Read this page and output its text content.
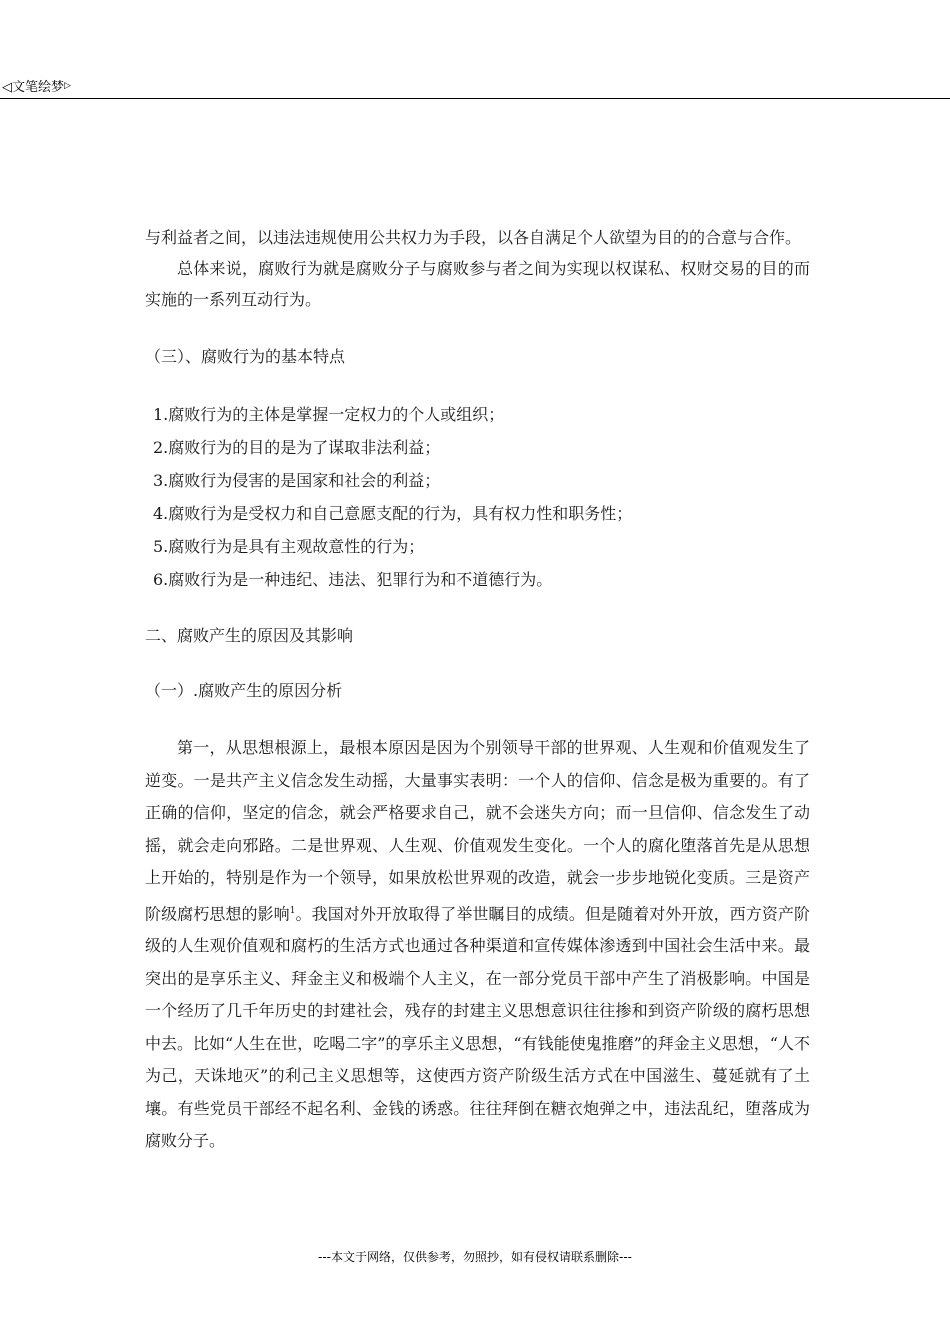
◁文笔绘梦▷

与利益者之间，以违法违规使用公共权力为手段，以各自满足个人欲望为目的的合意与合作。

总体来说，腐败行为就是腐败分子与腐败参与者之间为实现以权谋私、权财交易的目的而实施的一系列互动行为。

（三）、腐败行为的基本特点

1.腐败行为的主体是掌握一定权力的个人或组织；
2.腐败行为的目的是为了谋取非法利益；
3.腐败行为侵害的是国家和社会的利益；
4.腐败行为是受权力和自己意愿支配的行为，具有权力性和职务性；
5.腐败行为是具有主观故意性的行为；
6.腐败行为是一种违纪、违法、犯罪行为和不道德行为。

二、腐败产生的原因及其影响

（一）.腐败产生的原因分析

第一，从思想根源上，最根本原因是因为个别领导干部的世界观、人生观和价值观发生了逆变。一是共产主义信念发生动摇，大量事实表明：一个人的信仰、信念是极为重要的。有了正确的信仰，坚定的信念，就会严格要求自己，就不会迷失方向；而一旦信仰、信念发生了动摇，就会走向邪路。二是世界观、人生观、价值观发生变化。一个人的腐化堕落首先是从思想上开始的，特别是作为一个领导，如果放松世界观的改造，就会一步步地锐化变质。三是资产阶级腐朽思想的影响$^1$。我国对外开放取得了举世瞩目的成绩。但是随着对外开放，西方资产阶级的人生观价值观和腐朽的生活方式也通过各种渠道和宣传媒体渗透到中国社会生活中来。最突出的是享乐主义、拜金主义和极端个人主义，在一部分党员干部中产生了消极影响。中国是一个经历了几千年历史的封建社会，残存的封建主义思想意识往往掺和到资产阶级的腐朽思想中去。比如“人生在世，吃喝二字”的享乐主义思想，“有钱能使鬼推磨”的拜金主义思想，“人不为己，天诛地灭”的利己主义思想等，这使西方资产阶级生活方式在中国滋生、蔓延就有了土壤。有些党员干部经不起名利、金钱的诱惑。往往拜倒在糖衣炮弹之中，违法乱纪，堕落成为腐败分子。

---本文于网络，仅供参考，勿照抄，如有侵权请联系删除---
